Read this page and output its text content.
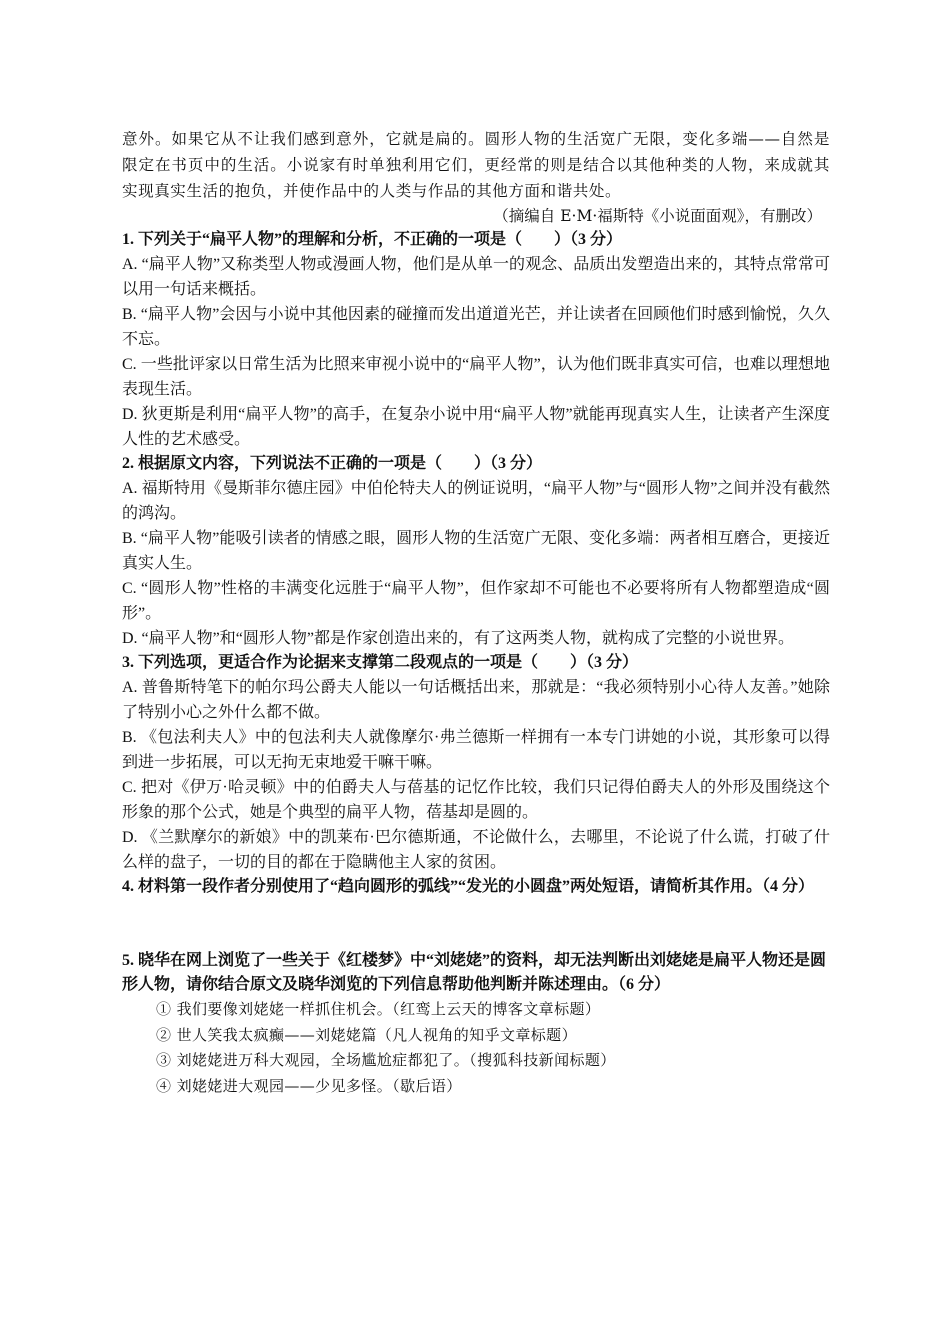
意外。如果它从不让我们感到意外，它就是扁的。圆形人物的生活宽广无限，变化多端——自然是限定在书页中的生活。小说家有时单独利用它们，更经常的则是结合以其他种类的人物，来成就其实现真实生活的抱负，并使作品中的人类与作品的其他方面和谐共处。
（摘编自 E·M·福斯特《小说面面观》，有删改）

1. 下列关于“扁平人物”的理解和分析，不正确的一项是（　　）（3 分）

A. “扁平人物”又称类型人物或漫画人物，他们是从单一的观念、品质出发塑造出来的，其特点常常可以用一句话来概括。

B. “扁平人物”会因与小说中其他因素的碰撞而发出道道光芒，并让读者在回顾他们时感到愉悦，久久不忘。

C. 一些批评家以日常生活为比照来审视小说中的“扁平人物”，认为他们既非真实可信，也难以理想地表现生活。

D. 狄更斯是利用“扁平人物”的高手，在复杂小说中用“扁平人物”就能再现真实人生，让读者产生深度人性的艺术感受。

2. 根据原文内容，下列说法不正确的一项是（　　）（3 分）

A. 福斯特用《曼斯菲尔德庄园》中伯伦特夫人的例证说明，“扁平人物”与“圆形人物”之间并没有截然的鸿沟。

B. “扁平人物”能吸引读者的情感之眼，圆形人物的生活宽广无限、变化多端：两者相互磨合，更接近真实人生。

C. “圆形人物”性格的丰满变化远胜于“扁平人物”，但作家却不可能也不必要将所有人物都塑造成“圆形”。

D. “扁平人物”和“圆形人物”都是作家创造出来的，有了这两类人物，就构成了完整的小说世界。

3. 下列选项，更适合作为论据来支撑第二段观点的一项是（　　）（3 分）

A. 普鲁斯特笔下的帕尔玛公爵夫人能以一句话概括出来，那就是：“我必须特别小心待人友善。”她除了特别小心之外什么都不做。

B. 《包法利夫人》中的包法利夫人就像摩尔·弗兰德斯一样拥有一本专门讲她的小说，其形象可以得到进一步拓展，可以无拘无束地爱干嘛干嘛。

C. 把对《伊万·哈灵顿》中的伯爵夫人与蓓基的记忆作比较，我们只记得伯爵夫人的外形及围绕这个形象的那个公式，她是个典型的扁平人物，蓓基却是圆的。

D. 《兰默摩尔的新娘》中的凯莱布·巴尔德斯通，不论做什么，去哪里，不论说了什么谎，打破了什么样的盘子，一切的目的都在于隐瞒他主人家的贫困。

4. 材料第一段作者分别使用了“趋向圆形的弧线”“发光的小圆盘”两处短语，请简析其作用。（4 分）

5. 晓华在网上浏览了一些关于《红楼梦》中“刘姥姥”的资料，却无法判断出刘姥姥是扁平人物还是圆形人物，请你结合原文及晓华浏览的下列信息帮助他判断并陈述理由。（6 分）

① 我们要像刘姥姥一样抓住机会。（红鸾上云天的博客文章标题）
② 世人笑我太疯癫——刘姥姥篇（凡人视角的知乎文章标题）
③ 刘姥姥进万科大观园，全场尴尬症都犯了。（搜狐科技新闻标题）
④ 刘姥姥进大观园——少见多怪。（歇后语）
